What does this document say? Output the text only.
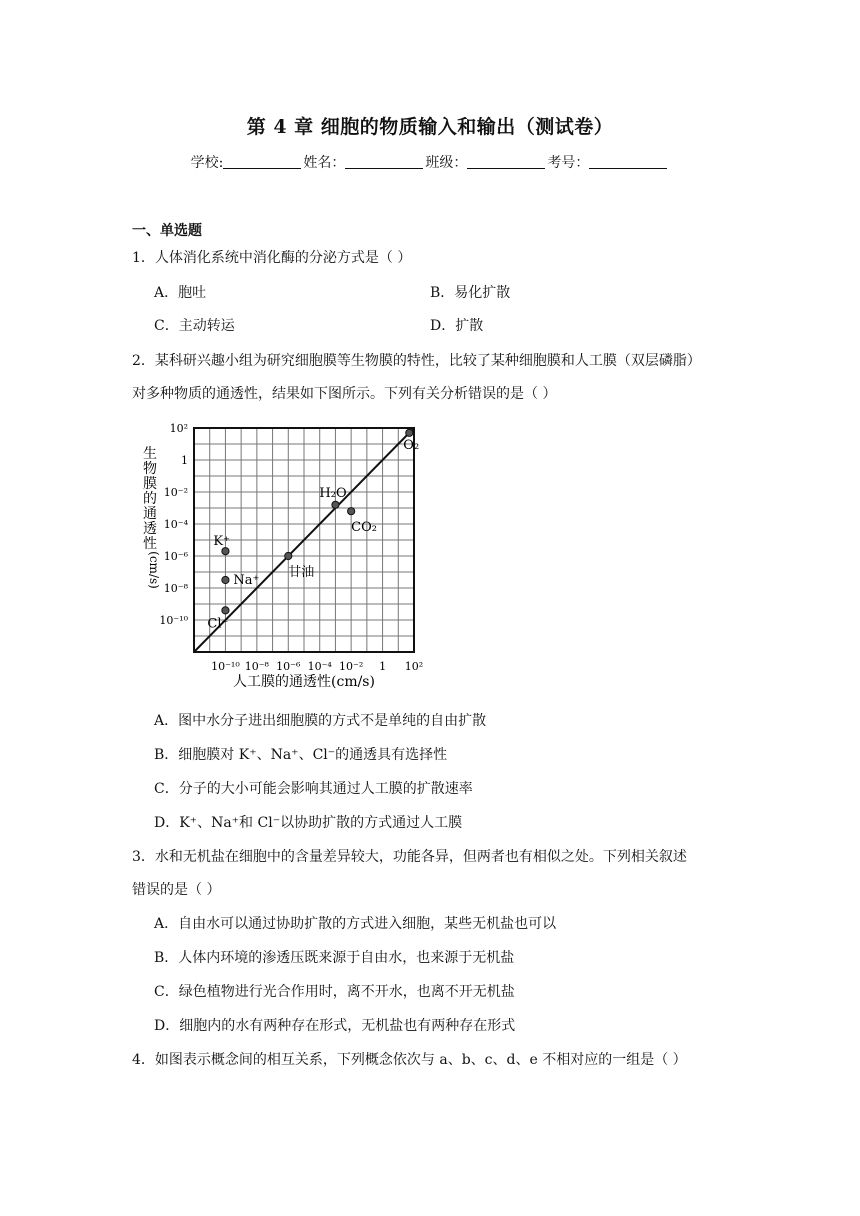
第 4 章 细胞的物质输入和输出（测试卷）
学校:	姓名：	班级：	考号：
一、单选题
1．人体消化系统中消化酶的分泌方式是（ ）
A．胞吐	B．易化扩散
C．主动转运	D．扩散
2．某科研兴趣小组为研究细胞膜等生物膜的特性，比较了某种细胞膜和人工膜（双层磷脂）
对多种物质的通透性，结果如下图所示。下列有关分析错误的是（ ）
O₂
H₂O
CO₂
甘油
K⁺
Na⁺
Cl⁻
10⁻¹⁰ 10⁻⁸ 10⁻⁶ 10⁻⁴ 10⁻² 1 10²
10²
1
10⁻²
10⁻⁴
10⁻⁶
10⁻⁸
10⁻¹⁰
人工膜的通透性(cm/s)
生
物
膜
的
通
透
性
(cm/s)
A．图中水分子进出细胞膜的方式不是单纯的自由扩散
B．细胞膜对 K⁺、Na⁺、Cl⁻的通透具有选择性
C．分子的大小可能会影响其通过人工膜的扩散速率
D．K⁺、Na⁺和 Cl⁻以协助扩散的方式通过人工膜
3．水和无机盐在细胞中的含量差异较大，功能各异，但两者也有相似之处。下列相关叙述
错误的是（ ）
A．自由水可以通过协助扩散的方式进入细胞，某些无机盐也可以
B．人体内环境的渗透压既来源于自由水，也来源于无机盐
C．绿色植物进行光合作用时，离不开水，也离不开无机盐
D．细胞内的水有两种存在形式，无机盐也有两种存在形式
4．如图表示概念间的相互关系，下列概念依次与 a、b、c、d、e 不相对应的一组是（ ）
